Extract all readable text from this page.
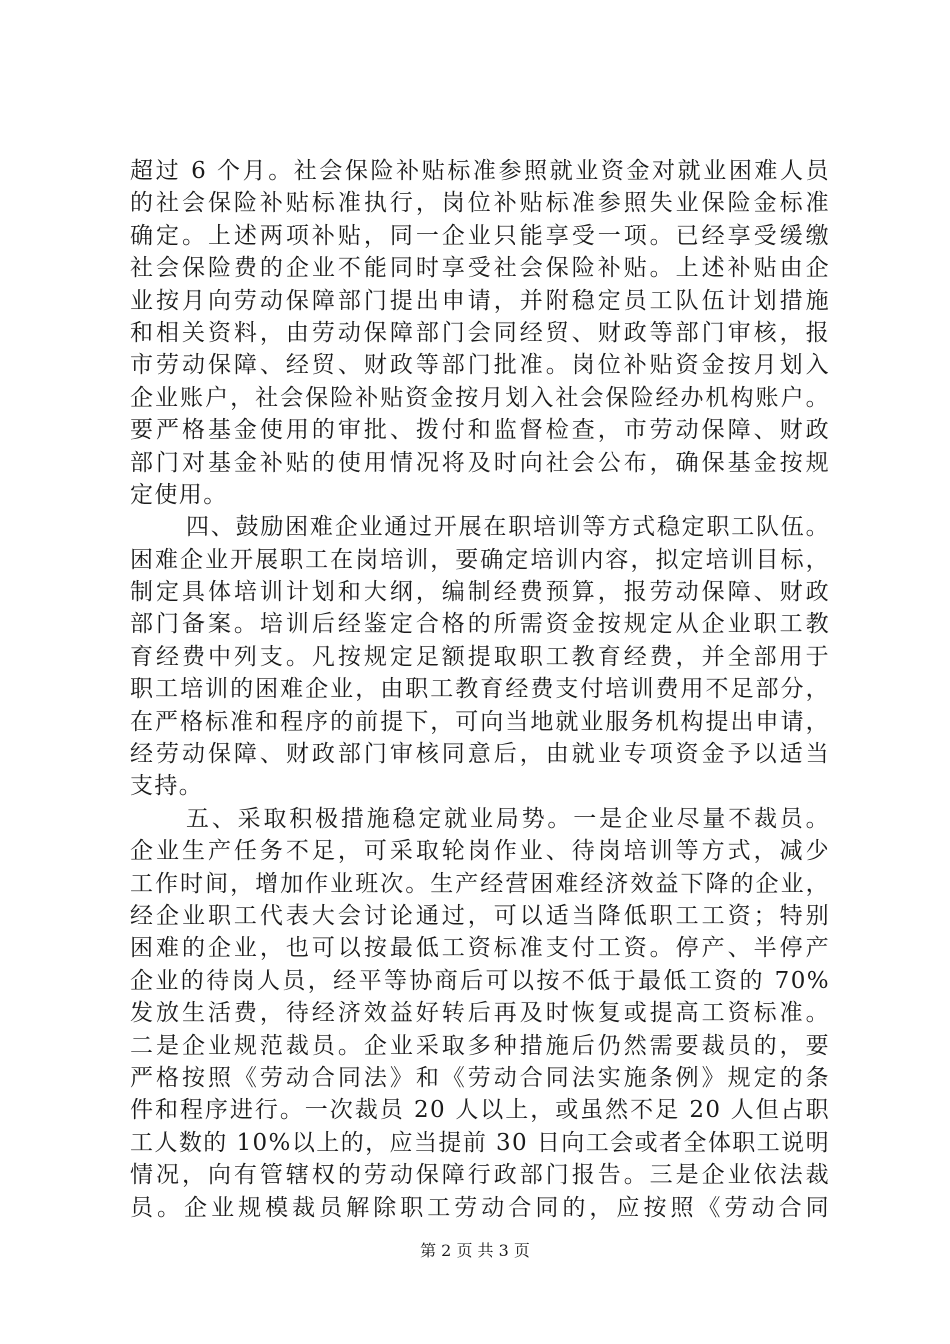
超过 6 个月。社会保险补贴标准参照就业资金对就业困难人员
的社会保险补贴标准执行，岗位补贴标准参照失业保险金标准
确定。上述两项补贴，同一企业只能享受一项。已经享受缓缴
社会保险费的企业不能同时享受社会保险补贴。上述补贴由企
业按月向劳动保障部门提出申请，并附稳定员工队伍计划措施
和相关资料，由劳动保障部门会同经贸、财政等部门审核，报
市劳动保障、经贸、财政等部门批准。岗位补贴资金按月划入
企业账户，社会保险补贴资金按月划入社会保险经办机构账户。
要严格基金使用的审批、拨付和监督检查，市劳动保障、财政
部门对基金补贴的使用情况将及时向社会公布，确保基金按规
定使用。
四、鼓励困难企业通过开展在职培训等方式稳定职工队伍。
困难企业开展职工在岗培训，要确定培训内容，拟定培训目标，
制定具体培训计划和大纲，编制经费预算，报劳动保障、财政
部门备案。培训后经鉴定合格的所需资金按规定从企业职工教
育经费中列支。凡按规定足额提取职工教育经费，并全部用于
职工培训的困难企业，由职工教育经费支付培训费用不足部分，
在严格标准和程序的前提下，可向当地就业服务机构提出申请，
经劳动保障、财政部门审核同意后，由就业专项资金予以适当
支持。
五、采取积极措施稳定就业局势。一是企业尽量不裁员。
企业生产任务不足，可采取轮岗作业、待岗培训等方式，减少
工作时间，增加作业班次。生产经营困难经济效益下降的企业，
经企业职工代表大会讨论通过，可以适当降低职工工资；特别
困难的企业，也可以按最低工资标准支付工资。停产、半停产
企业的待岗人员，经平等协商后可以按不低于最低工资的 70%
发放生活费，待经济效益好转后再及时恢复或提高工资标准。
二是企业规范裁员。企业采取多种措施后仍然需要裁员的，要
严格按照《劳动合同法》和《劳动合同法实施条例》规定的条
件和程序进行。一次裁员 20 人以上，或虽然不足 20 人但占职
工人数的 10%以上的，应当提前 30 日向工会或者全体职工说明
情况，向有管辖权的劳动保障行政部门报告。三是企业依法裁
员。企业规模裁员解除职工劳动合同的，应按照《劳动合同
第 2 页 共 3 页
